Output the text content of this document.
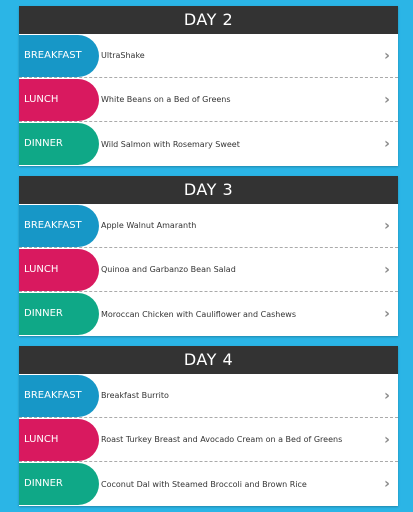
DAY 2
BREAKFAST	UltraShake	›
LUNCH	White Beans on a Bed of Greens	›
DINNER	Wild Salmon with Rosemary Sweet	›
DAY 3
BREAKFAST	Apple Walnut Amaranth	›
LUNCH	Quinoa and Garbanzo Bean Salad	›
DINNER	Moroccan Chicken with Cauliflower and Cashews	›
DAY 4
BREAKFAST	Breakfast Burrito	›
LUNCH	Roast Turkey Breast and Avocado Cream on a Bed of Greens	›
DINNER	Coconut Dal with Steamed Broccoli and Brown Rice	›
